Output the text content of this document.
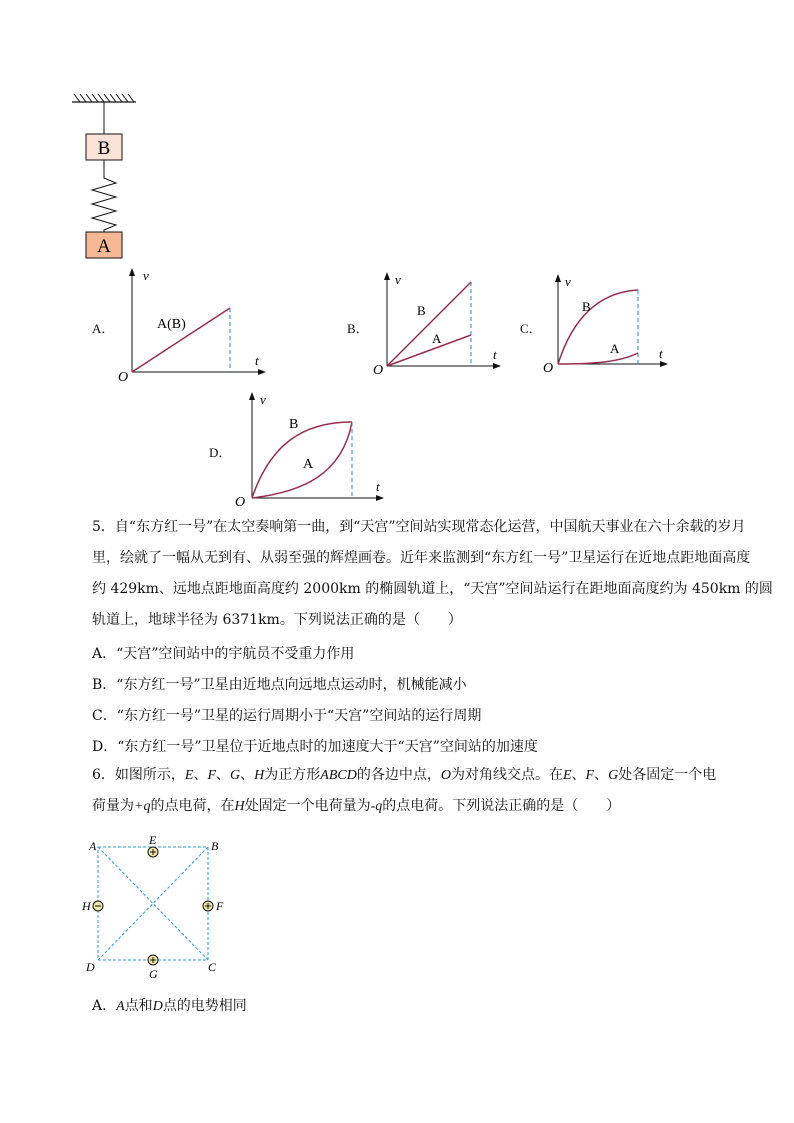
B
A
A．
v
t
O
A(B)	B．
v
t
O
B
A
C．
v
t
O
B
A
D．
v
t
O
B
A
5．自“东方红一号”在太空奏响第一曲，到“天宫”空间站实现常态化运营，中国航天事业在六十余载的岁月
里，绘就了一幅从无到有、从弱至强的辉煌画卷。近年来监测到“东方红一号”卫星运行在近地点距地面高度
约 429km、远地点距地面高度约 2000km 的椭圆轨道上，“天宫”空间站运行在距地面高度约为 450km 的圆
轨道上，地球半径为 6371km。下列说法正确的是（　　）

A．“天宫”空间站中的宇航员不受重力作用

B．“东方红一号”卫星由近地点向远地点运动时，机械能减小

C．“东方红一号”卫星的运行周期小于“天宫”空间站的运行周期

D．“东方红一号”卫星位于近地点时的加速度大于“天宫”空间站的加速度

6．如图所示，E、F、G、H为正方形ABCD的各边中点，O为对角线交点。在E、F、G处各固定一个电
荷量为+q的点电荷，在H处固定一个电荷量为-q的点电荷。下列说法正确的是（　　）
A	B
C
D
E
F
G
H

A．A点和D点的电势相同
